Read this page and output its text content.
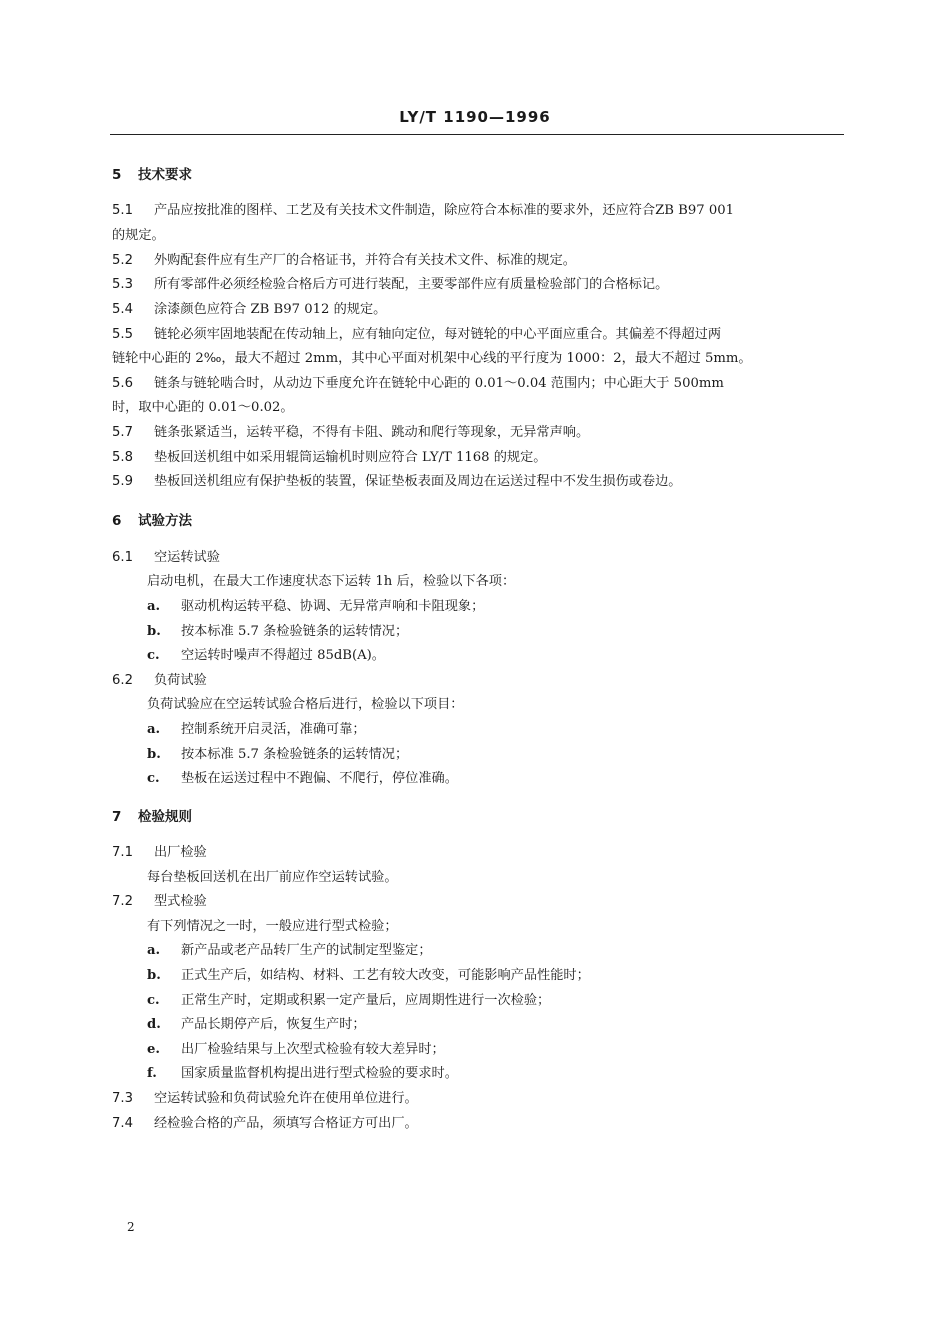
LY/T 1190—1996
5 技术要求
5.1 产品应按批准的图样、工艺及有关技术文件制造，除应符合本标准的要求外，还应符合ZB B97 001
的规定。
5.2 外购配套件应有生产厂的合格证书，并符合有关技术文件、标准的规定。
5.3 所有零部件必须经检验合格后方可进行装配，主要零部件应有质量检验部门的合格标记。
5.4 涂漆颜色应符合 ZB B97 012 的规定。
5.5 链轮必须牢固地装配在传动轴上，应有轴向定位，每对链轮的中心平面应重合。其偏差不得超过两
链轮中心距的 2‰，最大不超过 2mm，其中心平面对机架中心线的平行度为 1000：2，最大不超过 5mm。
5.6 链条与链轮啮合时，从动边下垂度允许在链轮中心距的 0.01～0.04 范围内；中心距大于 500mm
时，取中心距的 0.01～0.02。
5.7 链条张紧适当，运转平稳，不得有卡阻、跳动和爬行等现象，无异常声响。
5.8 垫板回送机组中如采用辊筒运输机时则应符合 LY/T 1168 的规定。
5.9 垫板回送机组应有保护垫板的装置，保证垫板表面及周边在运送过程中不发生损伤或卷边。
6 试验方法
6.1 空运转试验
启动电机，在最大工作速度状态下运转 1h 后，检验以下各项：
a. 驱动机构运转平稳、协调、无异常声响和卡阻现象；
b. 按本标准 5.7 条检验链条的运转情况；
c. 空运转时噪声不得超过 85dB(A)。
6.2 负荷试验
负荷试验应在空运转试验合格后进行，检验以下项目：
a. 控制系统开启灵活，准确可靠；
b. 按本标准 5.7 条检验链条的运转情况；
c. 垫板在运送过程中不跑偏、不爬行，停位准确。
7 检验规则
7.1 出厂检验
每台垫板回送机在出厂前应作空运转试验。
7.2 型式检验
有下列情况之一时，一般应进行型式检验；
a. 新产品或老产品转厂生产的试制定型鉴定；
b. 正式生产后，如结构、材料、工艺有较大改变，可能影响产品性能时；
c. 正常生产时，定期或积累一定产量后，应周期性进行一次检验；
d. 产品长期停产后，恢复生产时；
e. 出厂检验结果与上次型式检验有较大差异时；
f. 国家质量监督机构提出进行型式检验的要求时。
7.3 空运转试验和负荷试验允许在使用单位进行。
7.4 经检验合格的产品，须填写合格证方可出厂。
2
